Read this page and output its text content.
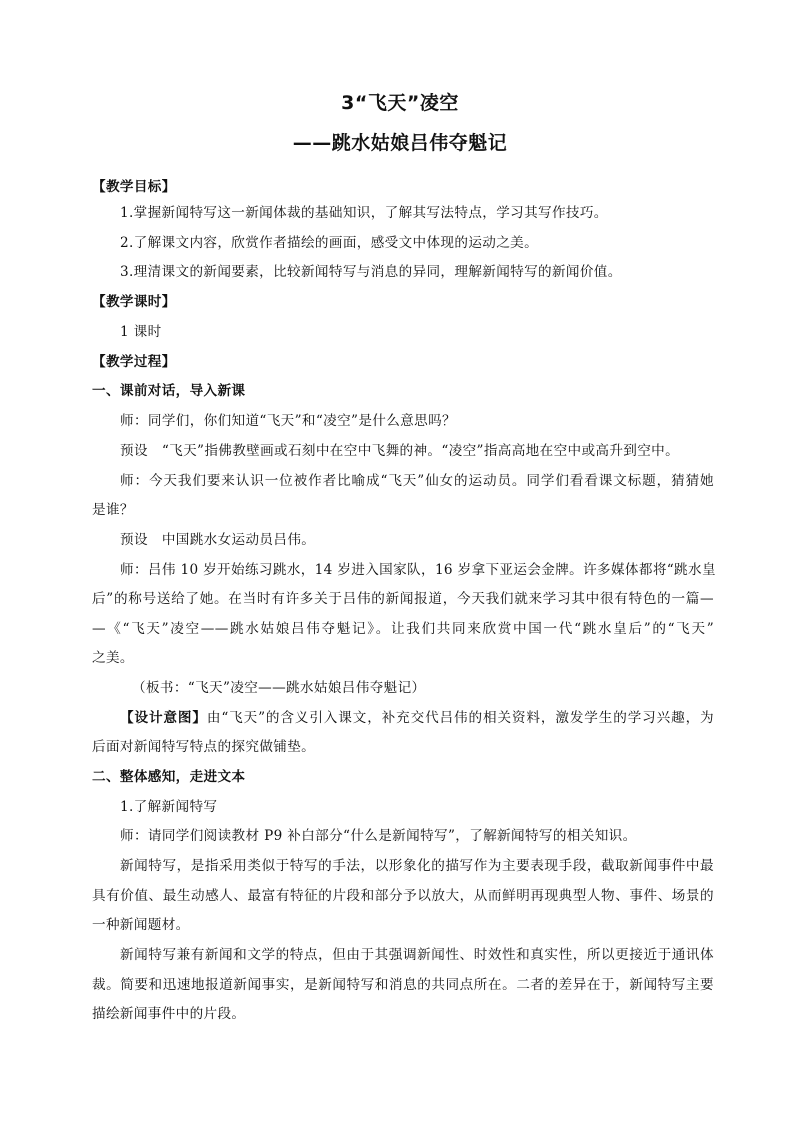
3“飞天”凌空
——跳水姑娘吕伟夺魁记
【教学目标】
1.掌握新闻特写这一新闻体裁的基础知识，了解其写法特点，学习其写作技巧。
2.了解课文内容，欣赏作者描绘的画面，感受文中体现的运动之美。
3.理清课文的新闻要素，比较新闻特写与消息的异同，理解新闻特写的新闻价值。
【教学课时】
1 课时
【教学过程】
一、课前对话，导入新课
师：同学们，你们知道“飞天”和“凌空”是什么意思吗？
预设　“飞天”指佛教壁画或石刻中在空中飞舞的神。“凌空”指高高地在空中或高升到空中。
师：今天我们要来认识一位被作者比喻成“飞天”仙女的运动员。同学们看看课文标题，猜猜她
是谁？
预设　中国跳水女运动员吕伟。
师：吕伟 10 岁开始练习跳水，14 岁进入国家队，16 岁拿下亚运会金牌。许多媒体都将“跳水皇
后”的称号送给了她。在当时有许多关于吕伟的新闻报道，今天我们就来学习其中很有特色的一篇—
—《“飞天”凌空——跳水姑娘吕伟夺魁记》。让我们共同来欣赏中国一代“跳水皇后”的“飞天”
之美。
（板书：“飞天”凌空——跳水姑娘吕伟夺魁记）
【设计意图】由“飞天”的含义引入课文，补充交代吕伟的相关资料，激发学生的学习兴趣，为
后面对新闻特写特点的探究做铺垫。
二、整体感知，走进文本
1.了解新闻特写
师：请同学们阅读教材 P9 补白部分“什么是新闻特写”，了解新闻特写的相关知识。
新闻特写，是指采用类似于特写的手法，以形象化的描写作为主要表现手段，截取新闻事件中最
具有价值、最生动感人、最富有特征的片段和部分予以放大，从而鲜明再现典型人物、事件、场景的
一种新闻题材。
新闻特写兼有新闻和文学的特点，但由于其强调新闻性、时效性和真实性，所以更接近于通讯体
裁。简要和迅速地报道新闻事实，是新闻特写和消息的共同点所在。二者的差异在于，新闻特写主要
描绘新闻事件中的片段。
